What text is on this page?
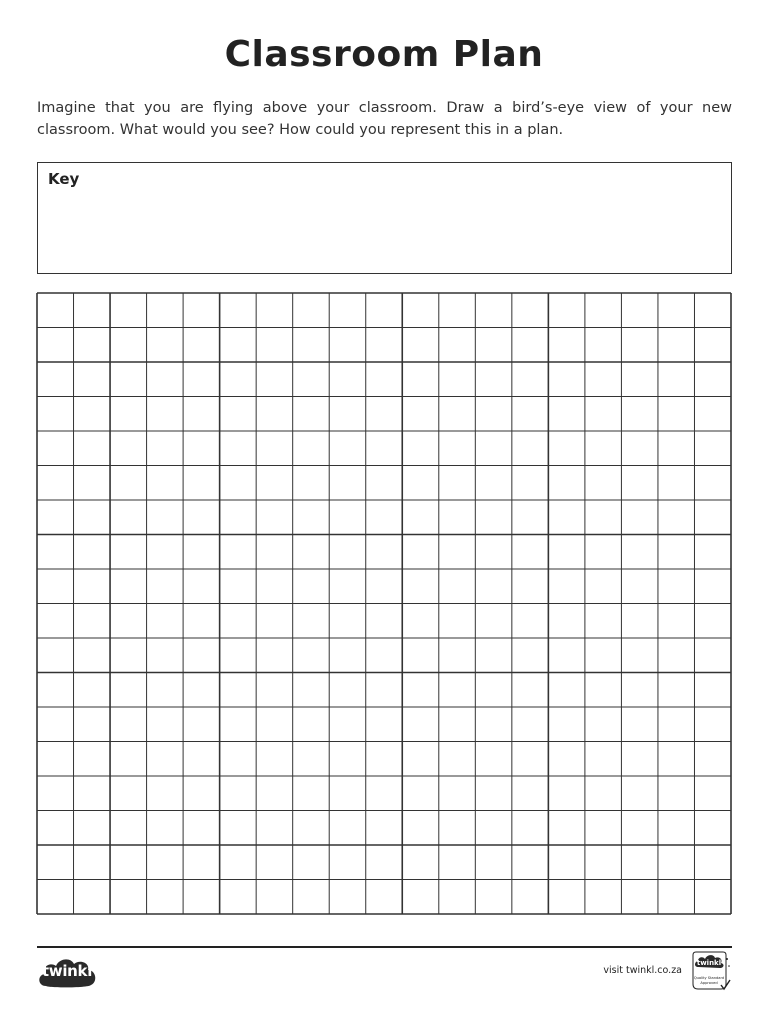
Classroom Plan
Imagine that you are flying above your classroom. Draw a bird’s-eye view of your new classroom. What would you see? How could you represent this in a plan.
Key
twinkl	visit twinkl.co.za
twinkl
Quality Standard
Approved
